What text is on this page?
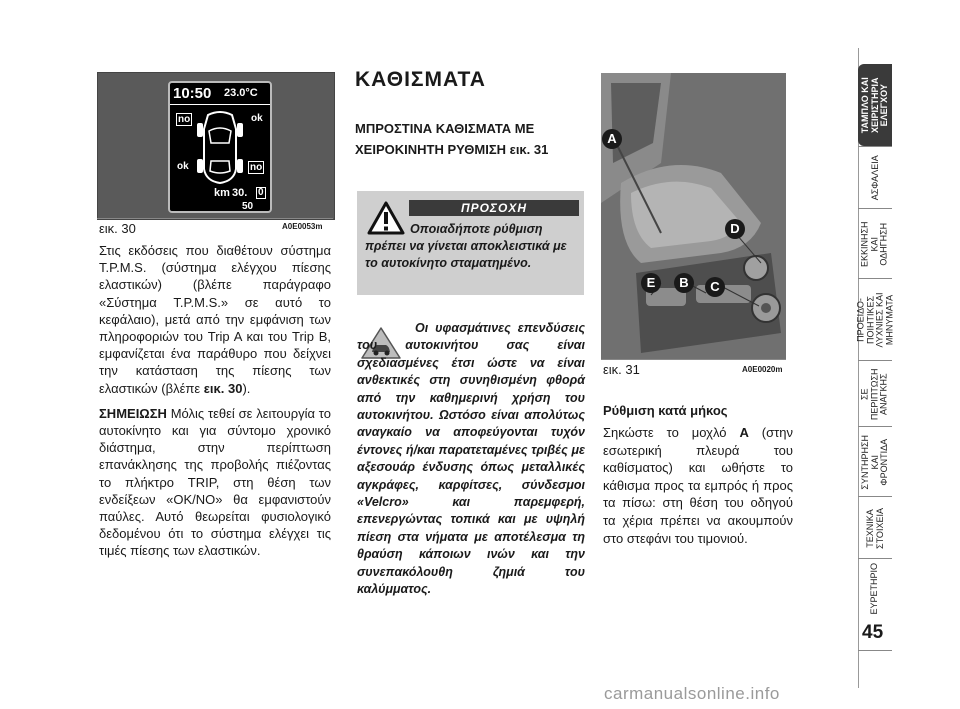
10:50 23.0°C
no	ok
ok	no
km 30. 0
50
εικ. 30	A0E0053m

Στις εκδόσεις που διαθέτουν σύστημα T.P.M.S. (σύστημα ελέγχου πίεσης ελαστικών) (βλέπε παράγραφο «Σύστημα T.P.M.S.» σε αυτό το κεφάλαιο), μετά από την εμφάνιση των πληροφοριών του Trip A και του Trip B, εμφανίζεται ένα παράθυρο που δείχνει την κατάσταση της πίεσης των ελαστικών (βλέπε εικ. 30).

ΣΗΜΕΙΩΣΗ Μόλις τεθεί σε λειτουργία το αυτοκίνητο και για σύντομο χρονικό διάστημα, στην περίπτωση επανάκλησης της προβολής πιέζοντας το πλήκτρο TRIP, στη θέση των ενδείξεων «OK/NO» θα εμφανιστούν παύλες. Αυτό θεωρείται φυσιολογικό δεδομένου ότι το σύστημα ελέγχει τις τιμές πίεσης των ελαστικών.

ΚΑΘΙΣΜΑΤΑ
ΜΠΡΟΣΤΙΝΑ ΚΑΘΙΣΜΑΤΑ ΜΕ ΧΕΙΡΟΚΙΝΗΤΗ ΡΥΘΜΙΣΗ εικ. 31
ΠΡΟΣΟΧΗ
Οποιαδήποτε ρύθμιση πρέπει να γίνεται αποκλειστικά με το αυτοκίνητο σταματημένο.
Οι υφασμάτινες επενδύσεις του αυτοκινήτου σας είναι σχεδιασμένες έτσι ώστε να είναι ανθεκτικές στη συνηθισμένη φθορά από την καθημερινή χρήση του αυτοκινήτου. Ωστόσο είναι απολύτως αναγκαίο να αποφεύγονται τυχόν έντονες ή/και παρατεταμένες τριβές με αξεσουάρ ένδυσης όπως μεταλλικές αγκράφες, καρφίτσες, σύνδεσμοι «Velcro» και παρεμφερή, επενεργώντας τοπικά και με υψηλή πίεση στα νήματα με αποτέλεσμα τη θραύση κάποιων ινών και την συνεπακόλουθη ζημιά του καλύμματος.
A
D
E	B	C
εικ. 31	A0E0020m
Ρύθμιση κατά μήκος
Σηκώστε το μοχλό A (στην εσωτερική πλευρά του καθίσματος) και ωθήστε το κάθισμα προς τα εμπρός ή προς τα πίσω: στη θέση του οδηγού τα χέρια πρέπει να ακουμπούν στο στεφάνι του τιμονιού.
ΤΑΜΠΛΟ ΚΑΙ
ΧΕΙΡΙΣΤΗΡΙΑ
ΕΛΕΓΧΟΥ
ΑΣΦΑΛΕΙΑ
ΕΚΚΙΝΗΣΗ
ΚΑΙ
ΟΔΗΓΗΣΗ
ΠΡΟΕΙΔΟ-
ΠΟΙΗΤΙΚΕΣ
ΛΥΧΝΙΕΣ ΚΑΙ
ΜΗΝΥΜΑΤΑ
ΣΕ
ΠΕΡΙΠΤΩΣΗ
ΑΝΑΓΚΗΣ
ΣΥΝΤΗΡΗΣΗ
ΚΑΙ
ΦΡΟΝΤΙΔΑ
ΤΕΧΝΙΚΑ
ΣΤΟΙΧΕΙΑ
ΕΥΡΕΤΗΡΙΟ
45
carmanualsonline.info
